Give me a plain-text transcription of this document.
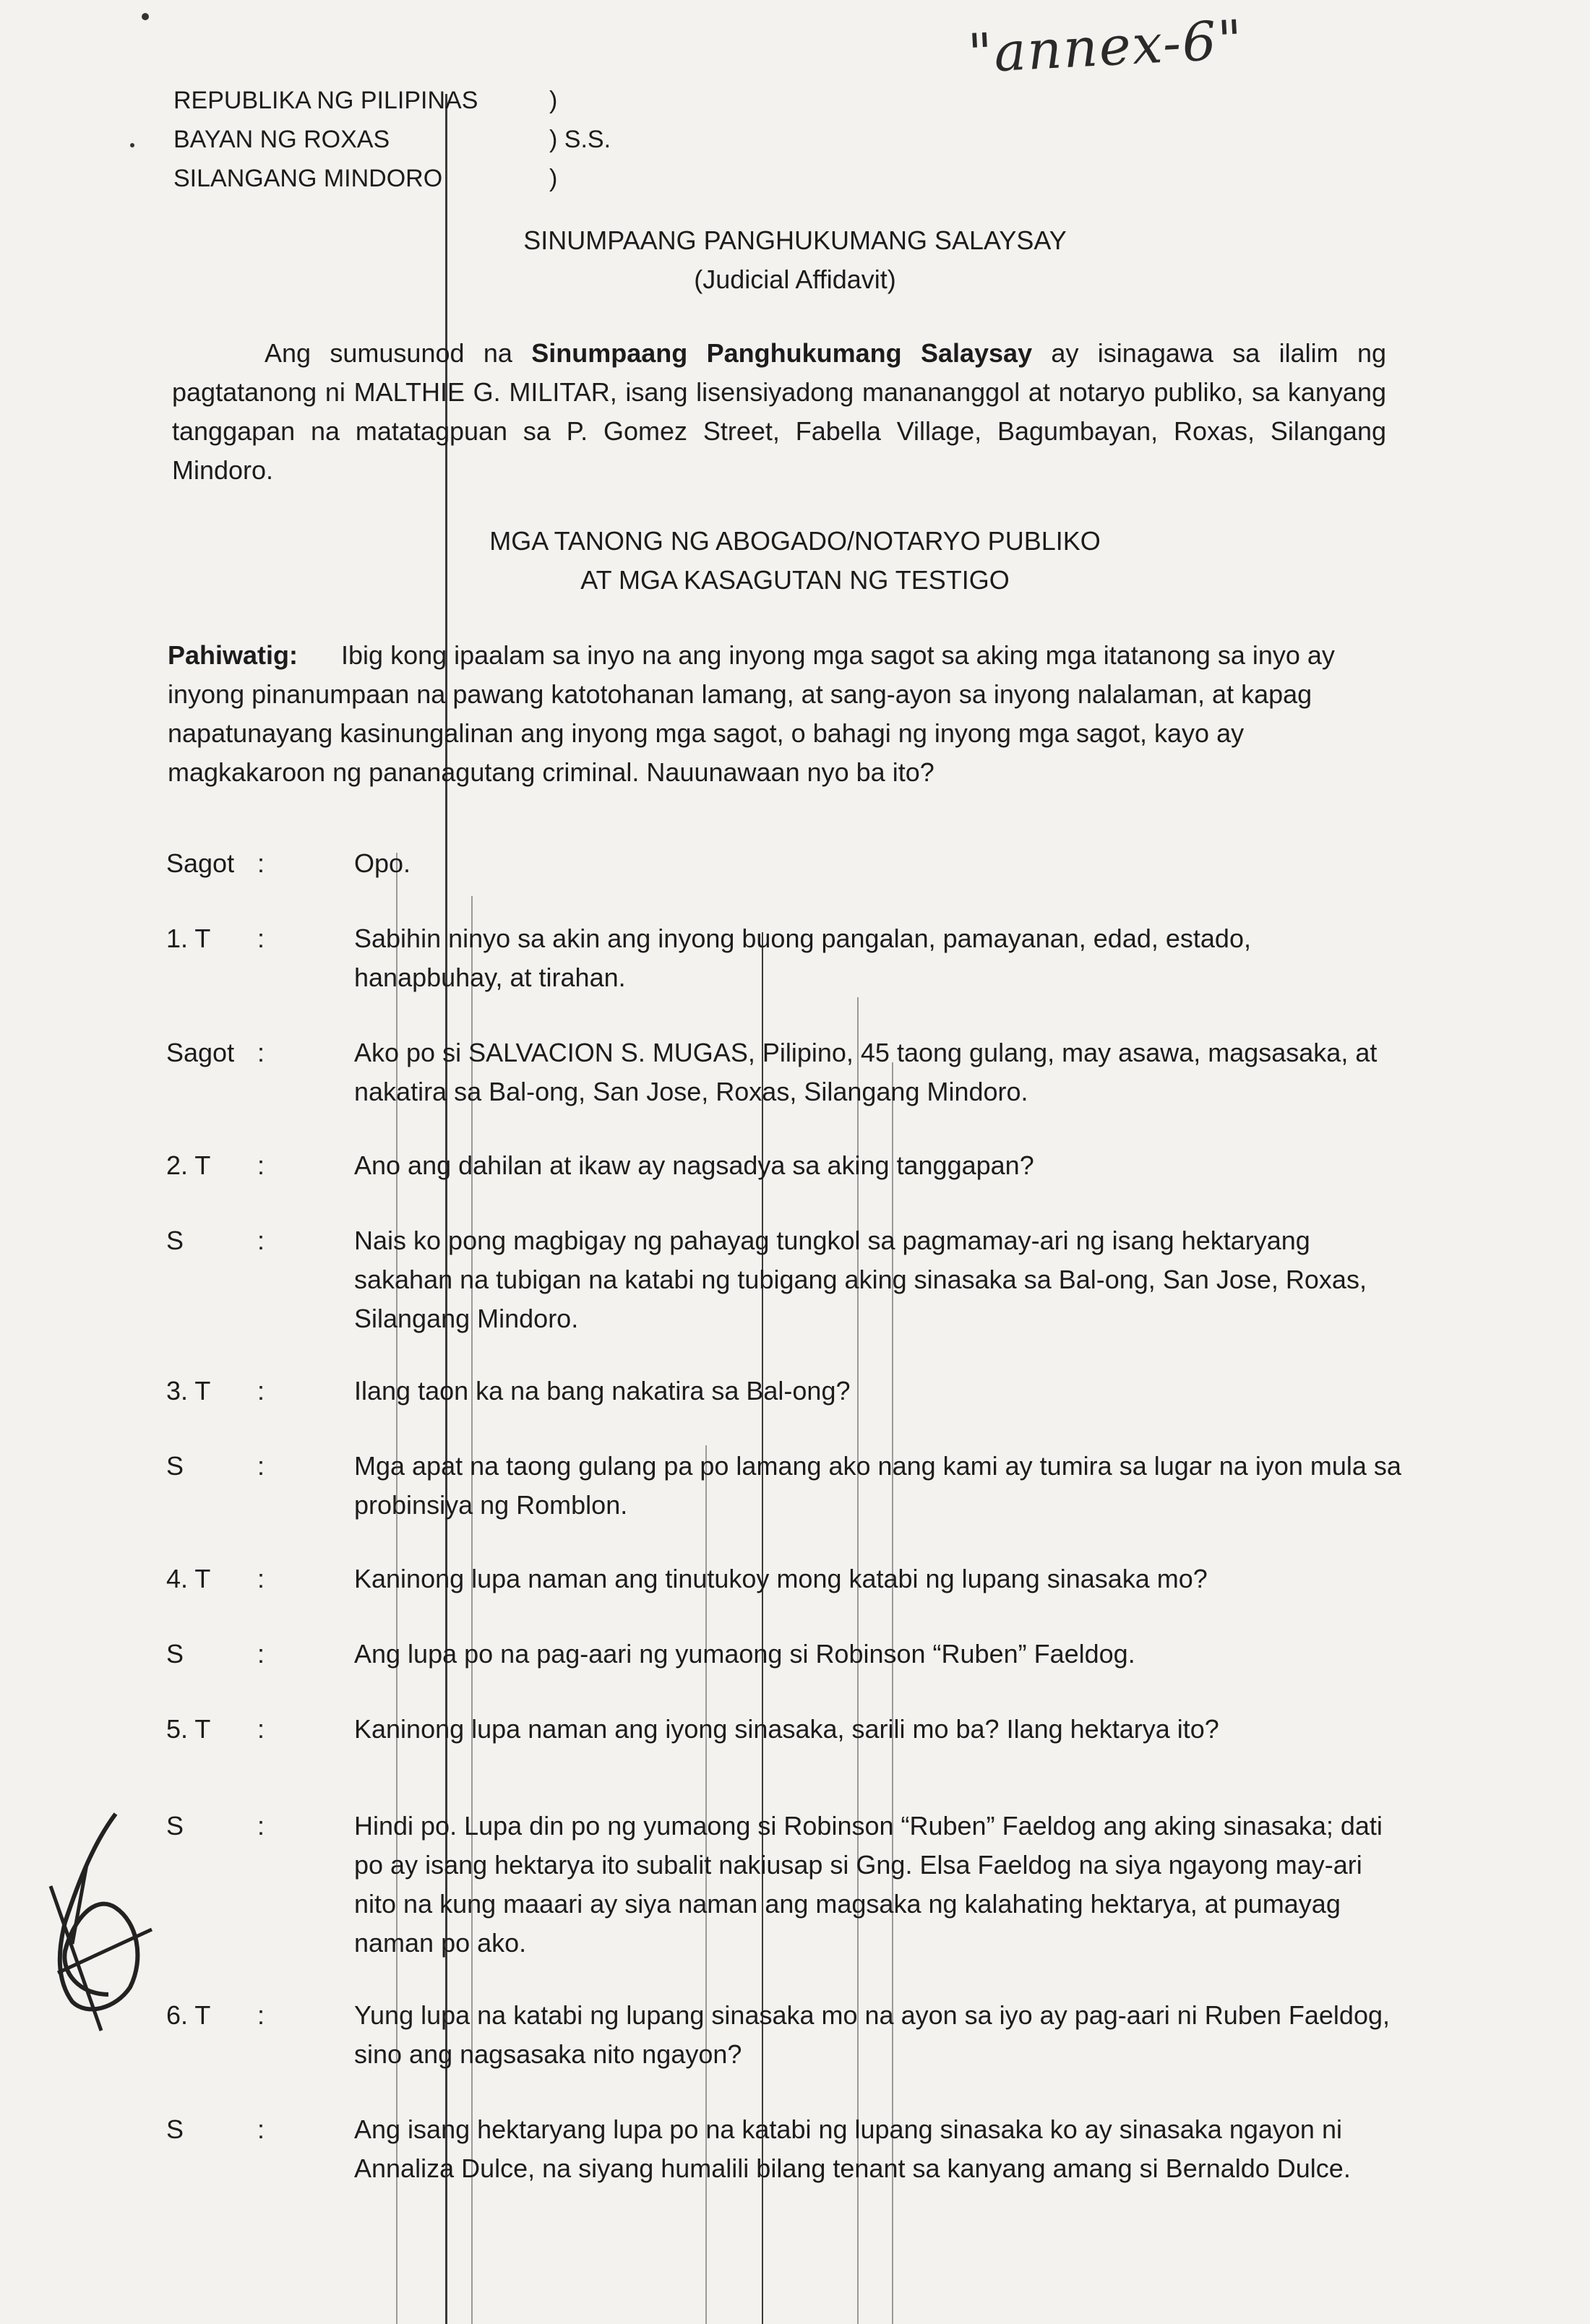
"annex-6"
REPUBLIKA NG PILIPINAS	)
BAYAN NG ROXAS	) S.S.
SILANGANG MINDORO	)
SINUMPAANG PANGHUKUMANG SALAYSAY
(Judicial Affidavit)
Ang sumusunod na Sinumpaang Panghukumang Salaysay ay isinagawa sa ilalim ng pagtatanong ni MALTHIE G. MILITAR, isang lisensiyadong manananggol at notaryo publiko, sa kanyang tanggapan na matatagpuan sa P. Gomez Street, Fabella Village, Bagumbayan, Roxas, Silangang Mindoro.
MGA TANONG NG ABOGADO/NOTARYO PUBLIKO
AT MGA KASAGUTAN NG TESTIGO
Pahiwatig: Ibig kong ipaalam sa inyo na ang inyong mga sagot sa aking mga itatanong sa inyo ay inyong pinanumpaan na pawang katotohanan lamang, at sang-ayon sa inyong nalalaman, at kapag napatunayang kasinungalinan ang inyong mga sagot, o bahagi ng inyong mga sagot, kayo ay magkakaroon ng pananagutang criminal. Nauunawaan nyo ba ito?
Sagot :	Opo.
1. T :	Sabihin ninyo sa akin ang inyong buong pangalan, pamayanan, edad, estado, hanapbuhay, at tirahan.
Sagot :	Ako po si SALVACION S. MUGAS, Pilipino, 45 taong gulang, may asawa, magsasaka, at nakatira sa Bal-ong, San Jose, Roxas, Silangang Mindoro.
2. T :	Ano ang dahilan at ikaw ay nagsadya sa aking tanggapan?
S	:	Nais ko pong magbigay ng pahayag tungkol sa pagmamay-ari ng isang hektaryang sakahan na tubigan na katabi ng tubigang aking sinasaka sa Bal-ong, San Jose, Roxas, Silangang Mindoro.
3. T :	Ilang taon ka na bang nakatira sa Bal-ong?
S	:	Mga apat na taong gulang pa po lamang ako nang kami ay tumira sa lugar na iyon mula sa probinsiya ng Romblon.
4. T :	Kaninong lupa naman ang tinutukoy mong katabi ng lupang sinasaka mo?
S	:	Ang lupa po na pag-aari ng yumaong si Robinson “Ruben” Faeldog.
5. T :	Kaninong lupa naman ang iyong sinasaka, sarili mo ba? Ilang hektarya ito?
S	:	Hindi po. Lupa din po ng yumaong si Robinson “Ruben” Faeldog ang aking sinasaka; dati po ay isang hektarya ito subalit nakiusap si Gng. Elsa Faeldog na siya ngayong may-ari nito na kung maaari ay siya naman ang magsaka ng kalahating hektarya, at pumayag naman po ako.
6. T :	Yung lupa na katabi ng lupang sinasaka mo na ayon sa iyo ay pag-aari ni Ruben Faeldog, sino ang nagsasaka nito ngayon?
S	:	Ang isang hektaryang lupa po na katabi ng lupang sinasaka ko ay sinasaka ngayon ni Annaliza Dulce, na siyang humalili bilang tenant sa kanyang amang si Bernaldo Dulce.
